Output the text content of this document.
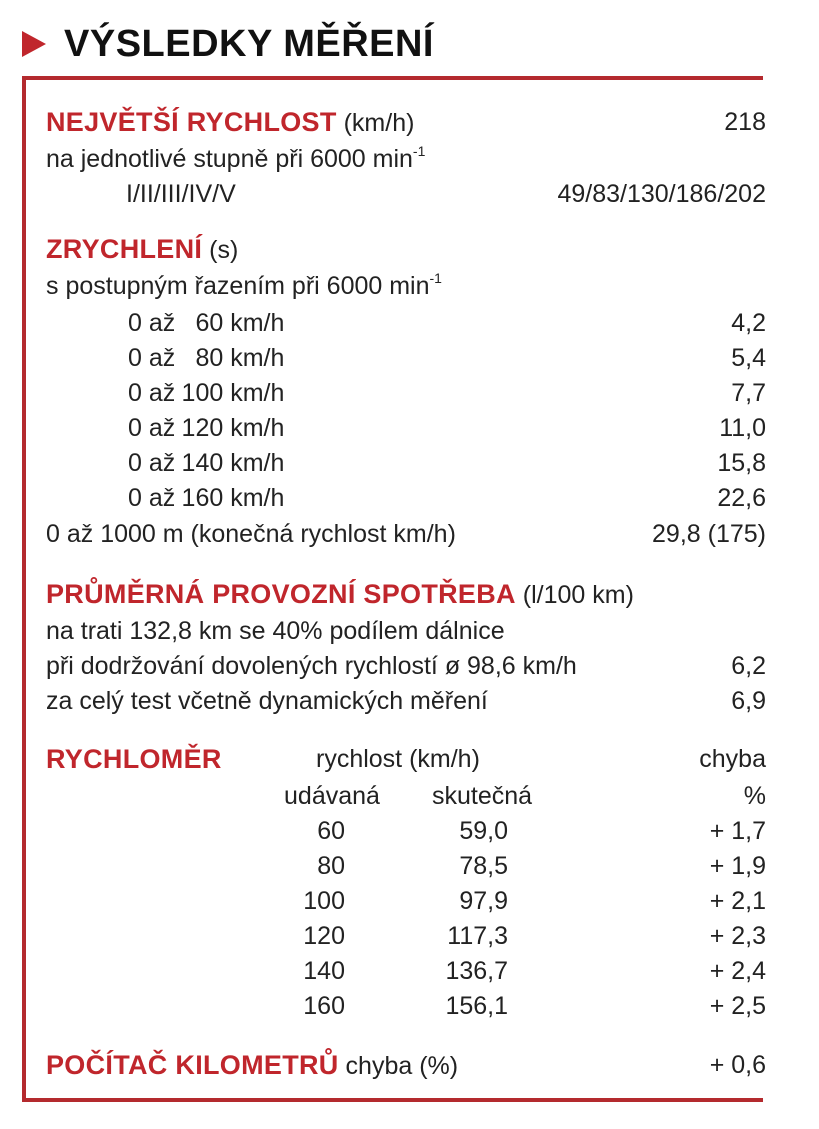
VÝSLEDKY MĚŘENÍ
NEJVĚTŠÍ RYCHLOST (km/h)	218
na jednotlivé stupně při 6000 $\min^{-1}$
I/II/III/IV/V	49/83/130/186/202
ZRYCHLENÍ (s)
s postupným řazením při 6000 $\min^{-1}$
0 až 60 km/h	4,2
0 až 80 km/h	5,4
0 až 100 km/h	7,7
0 až 120 km/h	11,0
0 až 140 km/h	15,8
0 až 160 km/h	22,6
0 až 1000 m (konečná rychlost km/h)	29,8 (175)
PRŮMĚRNÁ PROVOZNÍ SPOTŘEBA (l/100 km)
na trati 132,8 km se 40% podílem dálnice
při dodržování dovolených rychlostí ø 98,6 km/h	6,2
za celý test včetně dynamických měření	6,9
RYCHLOMĚR	rychlost (km/h)	chyba
udávaná	skutečná	%
60	59,0	+ 1,7
80	78,5	+ 1,9
100	97,9	+ 2,1
120	117,3	+ 2,3
140	136,7	+ 2,4
160	156,1	+ 2,5
POČÍTAČ KILOMETRŮ chyba (%)	+ 0,6
